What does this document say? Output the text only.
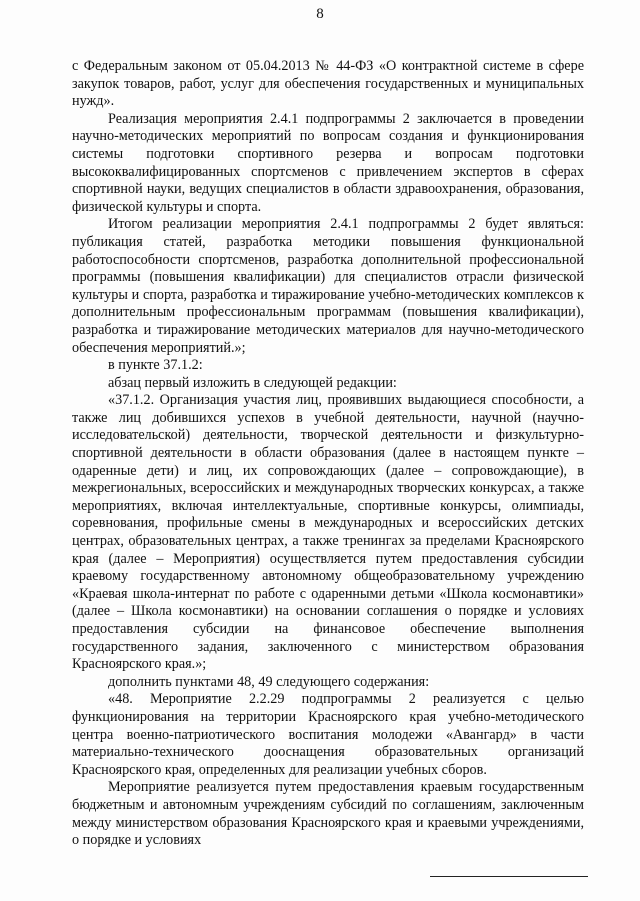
8

с Федеральным законом от 05.04.2013 № 44-ФЗ «О контрактной системе в сфере закупок товаров, работ, услуг для обеспечения государственных и муниципальных нужд».

Реализация мероприятия 2.4.1 подпрограммы 2 заключается в проведении научно-методических мероприятий по вопросам создания и функционирования системы подготовки спортивного резерва и вопросам подготовки высококвалифицированных спортсменов с привлечением экспертов в сферах спортивной науки, ведущих специалистов в области здравоохранения, образования, физической культуры и спорта.

Итогом реализации мероприятия 2.4.1 подпрограммы 2 будет являться: публикация статей, разработка методики повышения функциональной работоспособности спортсменов, разработка дополнительной профессиональной программы (повышения квалификации) для специалистов отрасли физической культуры и спорта, разработка и тиражирование учебно-методических комплексов к дополнительным профессиональным программам (повышения квалификации), разработка и тиражирование методических материалов для научно-методического обеспечения мероприятий.»;

в пункте 37.1.2:

абзац первый изложить в следующей редакции:

«37.1.2. Организация участия лиц, проявивших выдающиеся способности, а также лиц добившихся успехов в учебной деятельности, научной (научно-исследовательской) деятельности, творческой деятельности и физкультурно-спортивной деятельности в области образования (далее в настоящем пункте – одаренные дети) и лиц, их сопровождающих (далее – сопровождающие), в межрегиональных, всероссийских и международных творческих конкурсах, а также мероприятиях, включая интеллектуальные, спортивные конкурсы, олимпиады, соревнования, профильные смены в международных и всероссийских детских центрах, образовательных центрах, а также тренингах за пределами Красноярского края (далее – Мероприятия) осуществляется путем предоставления субсидии краевому государственному автономному общеобразовательному учреждению «Краевая школа-интернат по работе с одаренными детьми «Школа космонавтики» (далее – Школа космонавтики) на основании соглашения о порядке и условиях предоставления субсидии на финансовое обеспечение выполнения государственного задания, заключенного с министерством образования Красноярского края.»;

дополнить пунктами 48, 49 следующего содержания:

«48. Мероприятие 2.2.29 подпрограммы 2 реализуется с целью функционирования на территории Красноярского края учебно-методического центра военно-патриотического воспитания молодежи «Авангард» в части материально-технического дооснащения образовательных организаций Красноярского края, определенных для реализации учебных сборов.

Мероприятие реализуется путем предоставления краевым государственным бюджетным и автономным учреждениям субсидий по соглашениям, заключенным между министерством образования Красноярского края и краевыми учреждениями, о порядке и условиях
